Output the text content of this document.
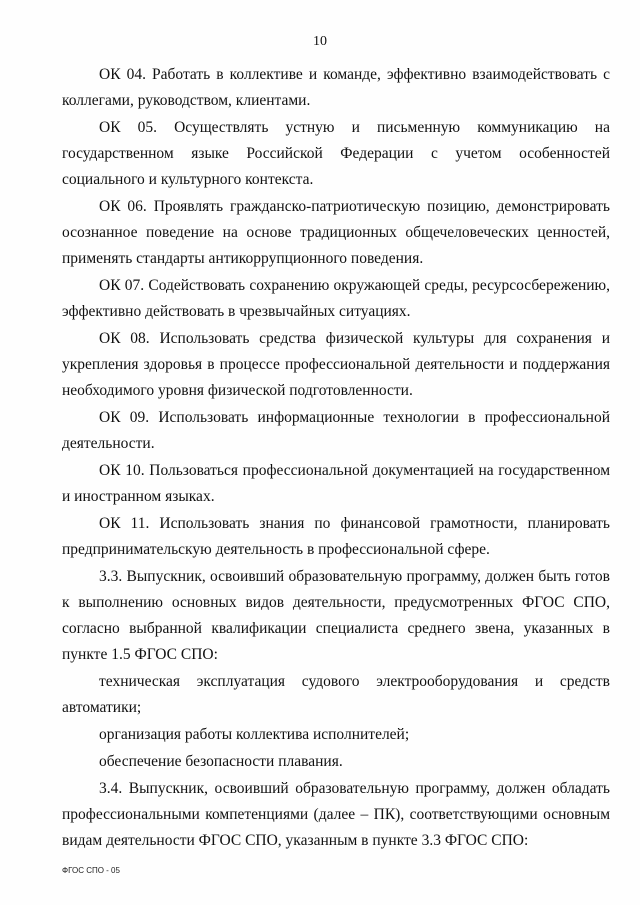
10

ОК 04. Работать в коллективе и команде, эффективно взаимодействовать с коллегами, руководством, клиентами.

ОК 05. Осуществлять устную и письменную коммуникацию на государственном языке Российской Федерации с учетом особенностей социального и культурного контекста.

ОК 06. Проявлять гражданско-патриотическую позицию, демонстрировать осознанное поведение на основе традиционных общечеловеческих ценностей, применять стандарты антикоррупционного поведения.

ОК 07. Содействовать сохранению окружающей среды, ресурсосбережению, эффективно действовать в чрезвычайных ситуациях.

ОК 08. Использовать средства физической культуры для сохранения и укрепления здоровья в процессе профессиональной деятельности и поддержания необходимого уровня физической подготовленности.

ОК 09. Использовать информационные технологии в профессиональной деятельности.

ОК 10. Пользоваться профессиональной документацией на государственном и иностранном языках.

ОК 11. Использовать знания по финансовой грамотности, планировать предпринимательскую деятельность в профессиональной сфере.

3.3. Выпускник, освоивший образовательную программу, должен быть готов к выполнению основных видов деятельности, предусмотренных ФГОС СПО, согласно выбранной квалификации специалиста среднего звена, указанных в пункте 1.5 ФГОС СПО:

техническая эксплуатация судового электрооборудования и средств автоматики;

организация работы коллектива исполнителей;

обеспечение безопасности плавания.

3.4. Выпускник, освоивший образовательную программу, должен обладать профессиональными компетенциями (далее – ПК), соответствующими основным видам деятельности ФГОС СПО, указанным в пункте 3.3 ФГОС СПО:

ФГОС СПО - 05
